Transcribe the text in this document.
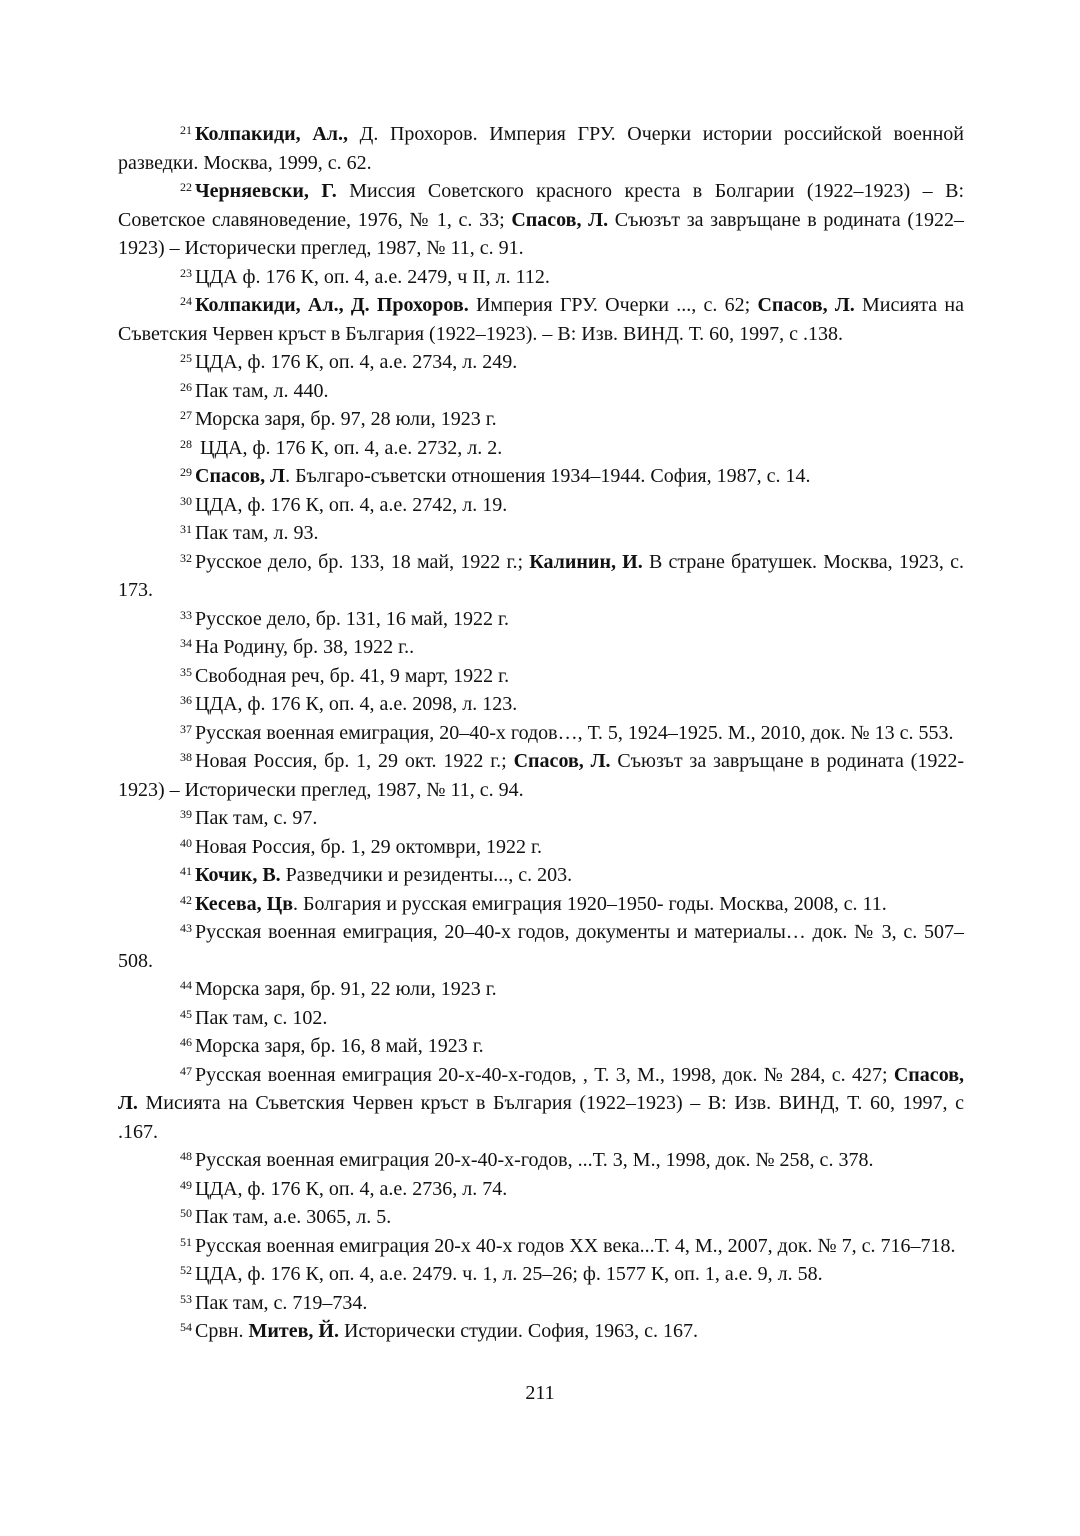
$^{21}$ Колпакиди, Ал., Д. Прохоров. Империя ГРУ. Очерки истории российской военной разведки. Москва, 1999, с. 62.

$^{22}$ Черняевски, Г. Миссия Советского красного креста в Болгарии (1922–1923) – В: Советское славяноведение, 1976, № 1, с. 33; Спасов, Л. Съюзът за завръщане в родината (1922–1923) – Исторически преглед, 1987, № 11, с. 91.

$^{23}$ ЦДА ф. 176 К, оп. 4, а.е. 2479, ч II, л. 112.

$^{24}$ Колпакиди, Ал., Д. Прохоров. Империя ГРУ. Очерки ..., с. 62; Спасов, Л. Мисията на Съветския Червен кръст в България (1922–1923). – В: Изв. ВИНД. Т. 60, 1997, с .138.

$^{25}$ ЦДА, ф. 176 К, оп. 4, а.е. 2734, л. 249.

$^{26}$ Пак там, л. 440.

$^{27}$ Морска заря, бр. 97, 28 юли, 1923 г.

$^{28}$ ЦДА, ф. 176 К, оп. 4, а.е. 2732, л. 2.

$^{29}$ Спасов, Л. Българо-съветски отношения 1934–1944. София, 1987, с. 14.

$^{30}$ ЦДА, ф. 176 К, оп. 4, а.е. 2742, л. 19.

$^{31}$ Пак там, л. 93.

$^{32}$ Русское дело, бр. 133, 18 май, 1922 г.; Калинин, И. В стране братушек. Москва, 1923, с. 173.

$^{33}$ Русское дело, бр. 131, 16 май, 1922 г.

$^{34}$ На Родину, бр. 38, 1922 г..

$^{35}$ Свободная реч, бр. 41, 9 март, 1922 г.

$^{36}$ ЦДА, ф. 176 К, оп. 4, а.е. 2098, л. 123.

$^{37}$ Русская военная емиграция, 20–40-х годов…, Т. 5, 1924–1925. М., 2010, док. № 13 с. 553.

$^{38}$ Новая Россия, бр. 1, 29 окт. 1922 г.; Спасов, Л. Съюзът за завръщане в родината (1922-1923) – Исторически преглед, 1987, № 11, с. 94.

$^{39}$ Пак там, с. 97.

$^{40}$ Новая Россия, бр. 1, 29 октомври, 1922 г.

$^{41}$ Кочик, В. Разведчики и резиденты..., с. 203.

$^{42}$ Кесева, Цв. Болгария и русская емиграция 1920–1950- годы. Москва, 2008, с. 11.

$^{43}$ Русская военная емиграция, 20–40-х годов, документы и материалы… док. № 3, с. 507–508.

$^{44}$ Морска заря, бр. 91, 22 юли, 1923 г.

$^{45}$ Пак там, с. 102.

$^{46}$ Морска заря, бр. 16, 8 май, 1923 г.

$^{47}$ Русская военная емиграция 20-х-40-х-годов, , Т. 3, М., 1998, док. № 284, с. 427; Спасов, Л. Мисията на Съветския Червен кръст в България (1922–1923) – В: Изв. ВИНД, Т. 60, 1997, с .167.

$^{48}$ Русская военная емиграция 20-х-40-х-годов, ...Т. 3, М., 1998, док. № 258, с. 378.

$^{49}$ ЦДА, ф. 176 К, оп. 4, а.е. 2736, л. 74.

$^{50}$ Пак там, а.е. 3065, л. 5.

$^{51}$ Русская военная емиграция 20-х 40-х годов XX века...Т. 4, М., 2007, док. № 7, с. 716–718.

$^{52}$ ЦДА, ф. 176 К, оп. 4, а.е. 2479. ч. 1, л. 25–26; ф. 1577 К, оп. 1, а.е. 9, л. 58.

$^{53}$ Пак там, с. 719–734.

$^{54}$ Срвн. Митев, Й. Исторически студии. София, 1963, с. 167.

211
